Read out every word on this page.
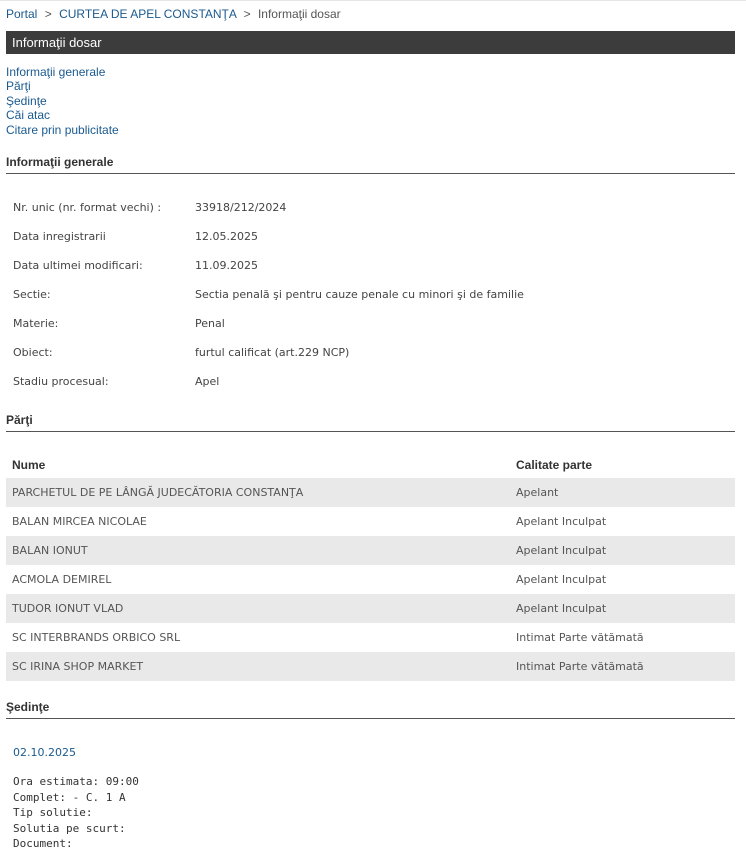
Portal > CURTEA DE APEL CONSTANŢA > Informaţii dosar
Informaţii dosar
Informaţii generale
Părţi
Şedinţe
Căi atac
Citare prin publicitate
Informaţii generale
Nr. unic (nr. format vechi) :	33918/212/2024
Data inregistrarii	12.05.2025
Data ultimei modificari:	11.09.2025
Sectie:	Sectia penală şi pentru cauze penale cu minori şi de familie
Materie:	Penal
Obiect:	furtul calificat (art.229 NCP)
Stadiu procesual:	Apel
Părţi
Nume	Calitate parte
PARCHETUL DE PE LÂNGĂ JUDECĂTORIA CONSTANŢA	Apelant
BALAN MIRCEA NICOLAE	Apelant Inculpat
BALAN IONUT	Apelant Inculpat
ACMOLA DEMIREL	Apelant Inculpat
TUDOR IONUT VLAD	Apelant Inculpat
SC INTERBRANDS ORBICO SRL	Intimat Parte vătămată
SC IRINA SHOP MARKET	Intimat Parte vătămată
Şedinţe
02.10.2025
Ora estimata: 09:00
Complet: - C. 1 A
Tip solutie:
Solutia pe scurt:
Document:
